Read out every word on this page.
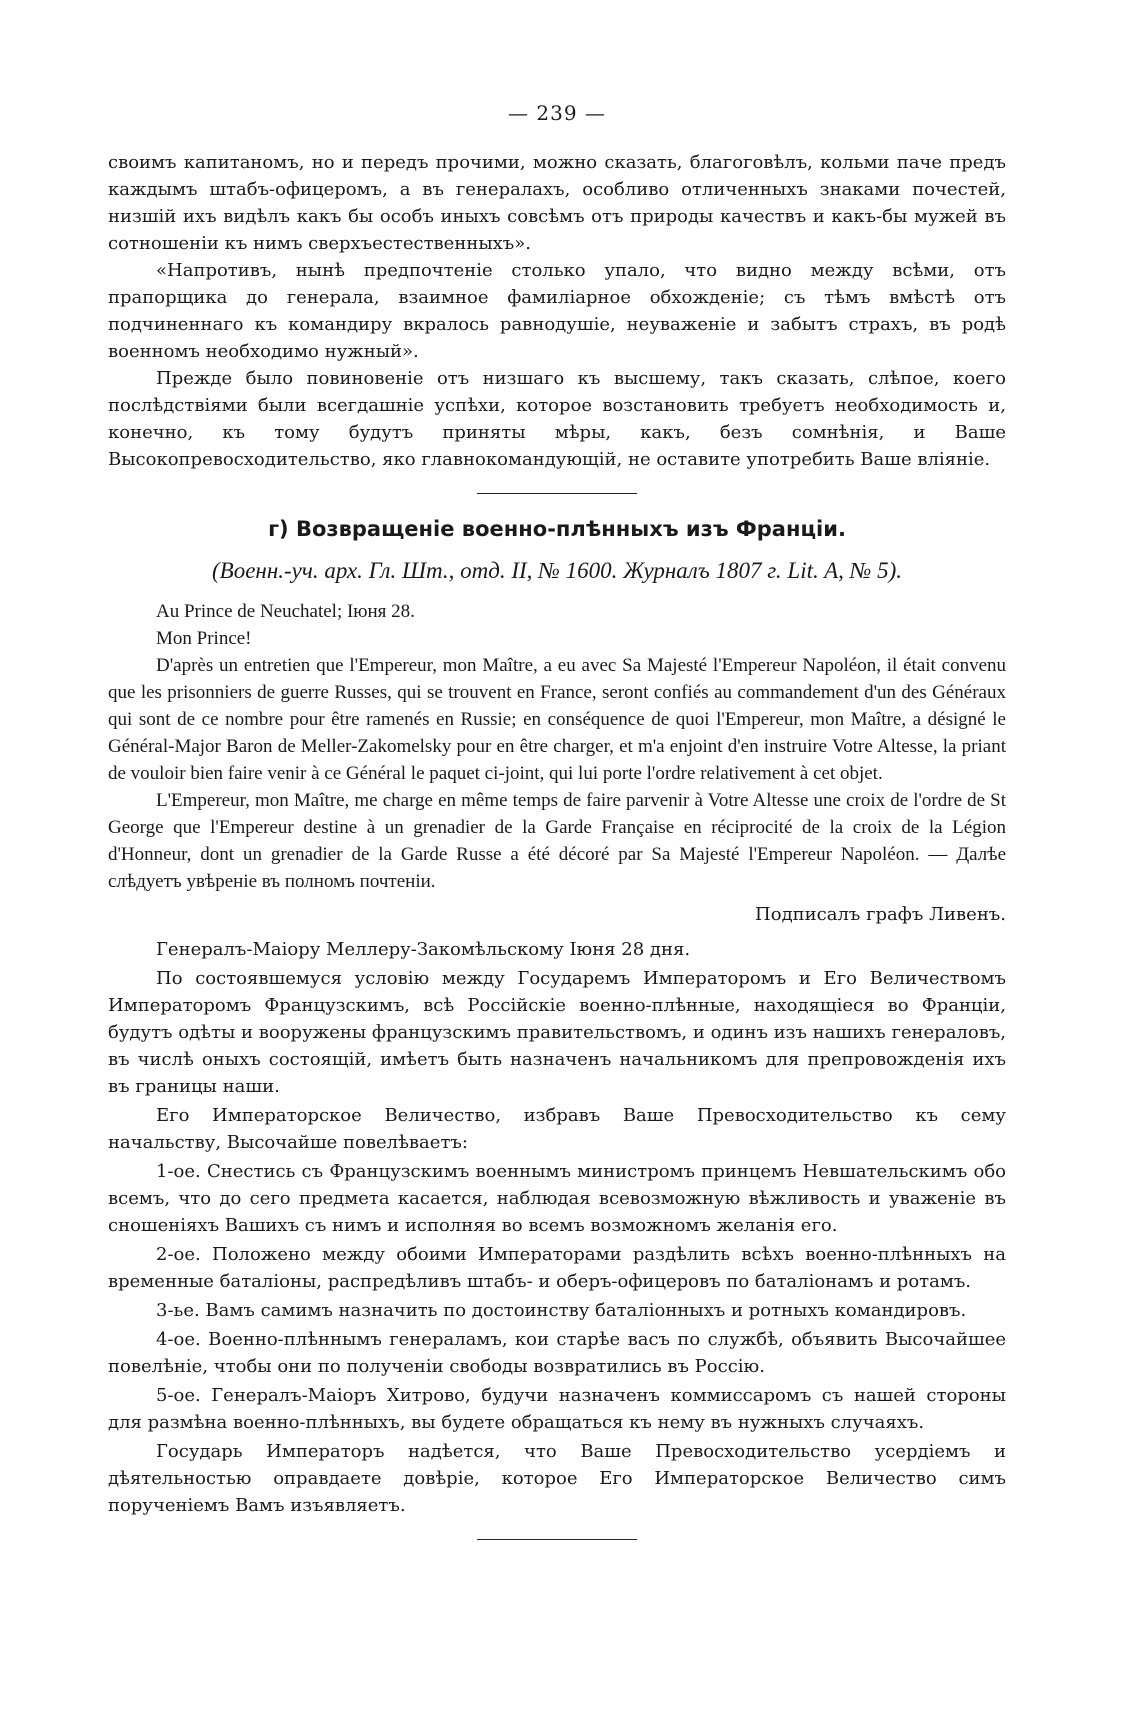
— 239 —

своимъ капитаномъ, но и передъ прочими, можно сказать, благоговѣлъ, кольми паче предъ каждымъ штабъ-офицеромъ, а въ генералахъ, особливо отличенныхъ знаками почестей, низшій ихъ видѣлъ какъ бы особъ иныхъ совсѣмъ отъ природы качествъ и какъ-бы мужей въ сотношеніи къ нимъ сверхъестественныхъ».

«Напротивъ, нынѣ предпочтеніе столько упало, что видно между всѣми, отъ прапорщика до генерала, взаимное фамиліарное обхожденіе; съ тѣмъ вмѣстѣ отъ подчиненнаго къ командиру вкралось равнодушіе, неуваженіе и забытъ страхъ, въ родѣ военномъ необходимо нужный».

Прежде было повиновеніе отъ низшаго къ высшему, такъ сказать, слѣпое, коего послѣдствіями были всегдашніе успѣхи, которое возстановить требуетъ необходимость и, конечно, къ тому будутъ приняты мѣры, какъ, безъ сомнѣнія, и Ваше Высокопревосходительство, яко главнокомандующій, не оставите употребить Ваше вліяніе.

г) Возвращеніе военно-плѣнныхъ изъ Франціи.
(Военн.-уч. арх. Гл. Шт., отд. II, № 1600. Журналъ 1807 г. Lit. A, № 5).
Au Prince de Neuchatel; Іюня 28.
Mon Prince!

D'après un entretien que l'Empereur, mon Maître, a eu avec Sa Majesté l'Empereur Napoléon, il était convenu que les prisonniers de guerre Russes, qui se trouvent en France, seront confiés au commandement d'un des Généraux qui sont de ce nombre pour être ramenés en Russie; en conséquence de quoi l'Empereur, mon Maître, a désigné le Général-Major Baron de Meller-Zakomelsky pour en être charger, et m'a enjoint d'en instruire Votre Altesse, la priant de vouloir bien faire venir à ce Général le paquet ci-joint, qui lui porte l'ordre relativement à cet objet.

L'Empereur, mon Maître, me charge en même temps de faire parvenir à Votre Altesse une croix de l'ordre de St George que l'Empereur destine à un grenadier de la Garde Française en réciprocité de la croix de la Légion d'Honneur, dont un grenadier de la Garde Russe a été décoré par Sa Majesté l'Empereur Napoléon. — Далѣе слѣдуетъ увѣреніе въ полномъ почтеніи.

Подписалъ графъ Ливенъ.

Генералъ-Маіору Меллеру-Закомѣльскому Іюня 28 дня.

По состоявшемуся условію между Государемъ Императоромъ и Его Величествомъ Императоромъ Французскимъ, всѣ Россійскіе военно-плѣнные, находящіеся во Франціи, будутъ одѣты и вооружены французскимъ правительствомъ, и одинъ изъ нашихъ генераловъ, въ числѣ оныхъ состоящій, имѣетъ быть назначенъ начальникомъ для препровожденія ихъ въ границы наши.

Его Императорское Величество, избравъ Ваше Превосходительство къ сему начальству, Высочайше повелѣваетъ:

1-ое. Снестись съ Французскимъ военнымъ министромъ принцемъ Невшательскимъ обо всемъ, что до сего предмета касается, наблюдая всевозможную вѣжливость и уваженіе въ сношеніяхъ Вашихъ съ нимъ и исполняя во всемъ возможномъ желанія его.

2-ое. Положено между обоими Императорами раздѣлить всѣхъ военно-плѣнныхъ на временные баталіоны, распредѣливъ штабъ- и оберъ-офицеровъ по баталіонамъ и ротамъ.

3-ье. Вамъ самимъ назначить по достоинству баталіонныхъ и ротныхъ командировъ.

4-ое. Военно-плѣннымъ генераламъ, кои старѣе васъ по службѣ, объявить Высочайшее повелѣніе, чтобы они по полученіи свободы возвратились въ Россію.

5-ое. Генералъ-Маіоръ Хитрово, будучи назначенъ коммиссаромъ съ нашей стороны для размѣна военно-плѣнныхъ, вы будете обращаться къ нему въ нужныхъ случаяхъ.

Государь Императоръ надѣется, что Ваше Превосходительство усердіемъ и дѣятельностью оправдаете довѣріе, которое Его Императорское Величество симъ порученіемъ Вамъ изъявляетъ.
